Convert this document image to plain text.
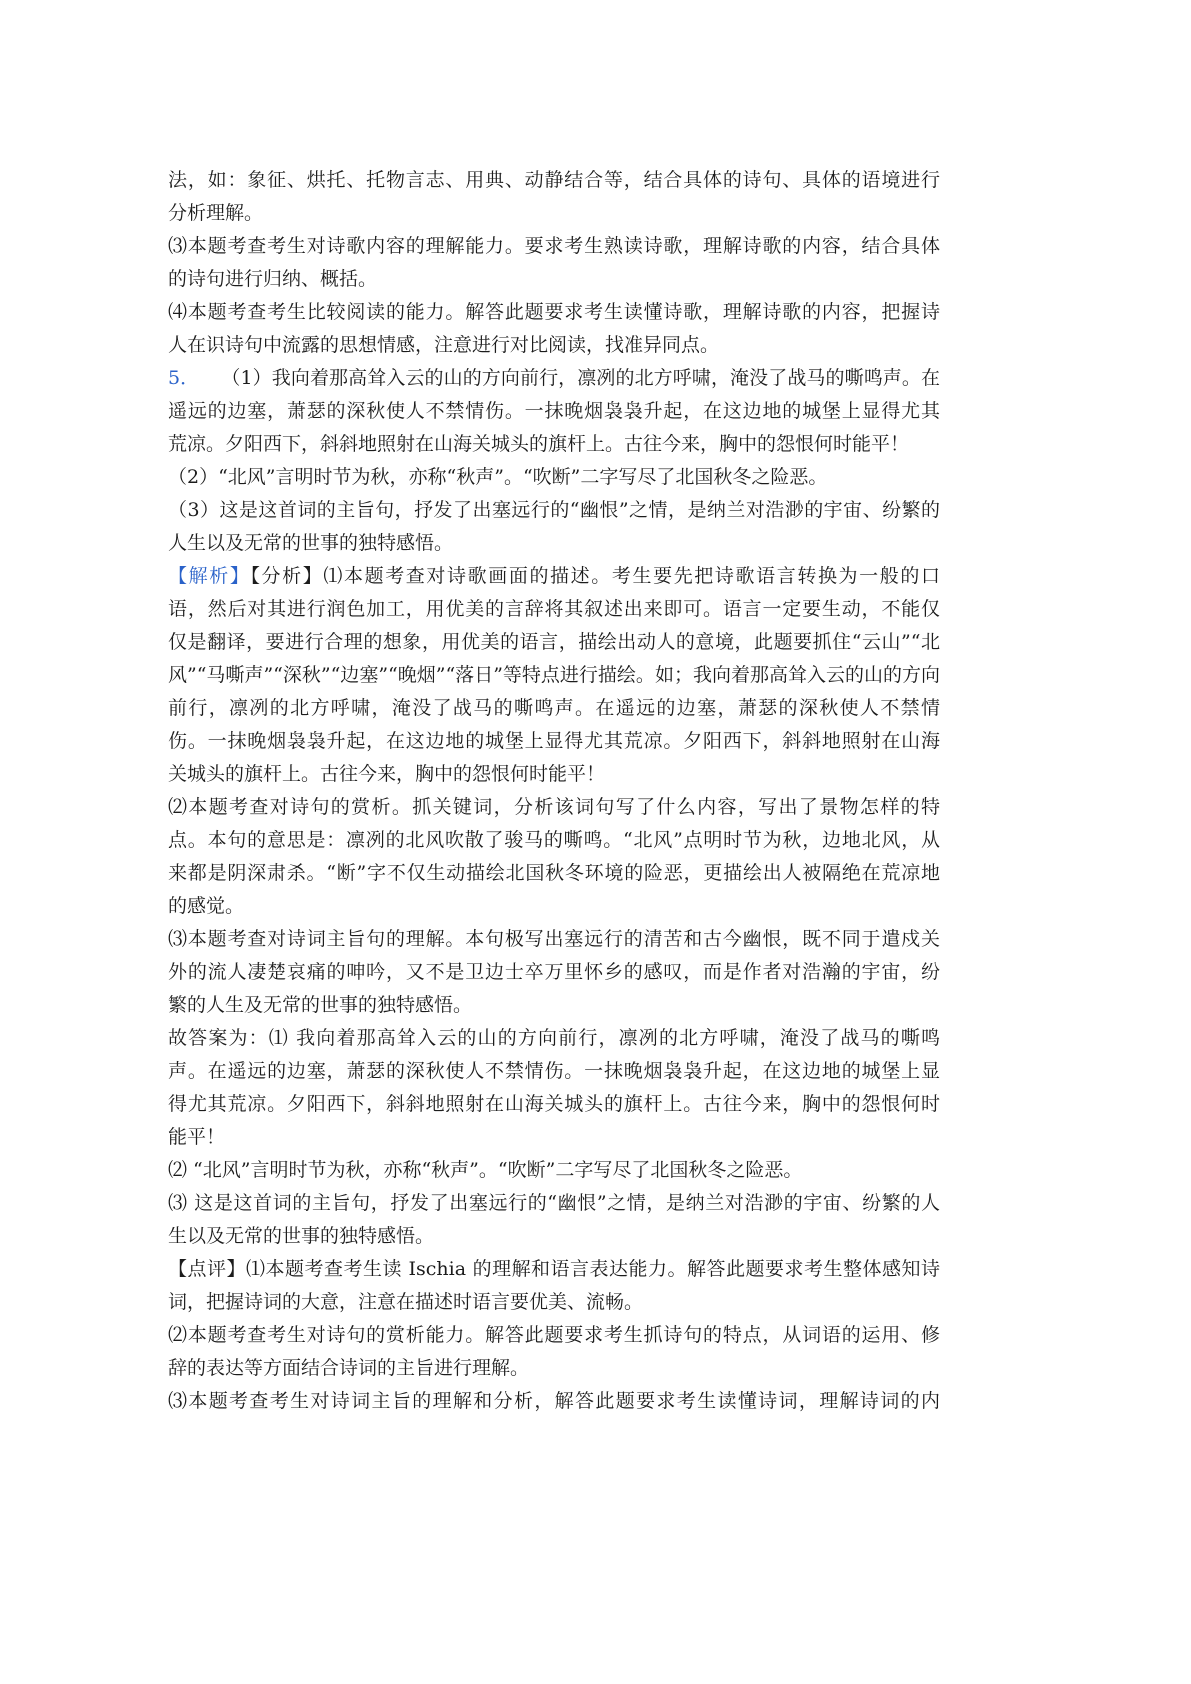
法，如：象征、烘托、托物言志、用典、动静结合等，结合具体的诗句、具体的语境进行
分析理解。
⑶本题考查考生对诗歌内容的理解能力。要求考生熟读诗歌，理解诗歌的内容，结合具体
的诗句进行归纳、概括。
⑷本题考查考生比较阅读的能力。解答此题要求考生读懂诗歌，理解诗歌的内容，把握诗
人在识诗句中流露的思想情感，注意进行对比阅读，找准异同点。
5． （1）我向着那高耸入云的山的方向前行，凛冽的北方呼啸，淹没了战马的嘶鸣声。在
遥远的边塞，萧瑟的深秋使人不禁情伤。一抹晚烟袅袅升起，在这边地的城堡上显得尤其
荒凉。夕阳西下，斜斜地照射在山海关城头的旗杆上。古往今来，胸中的怨恨何时能平！
（2）“北风”言明时节为秋，亦称“秋声”。“吹断”二字写尽了北国秋冬之险恶。
（3）这是这首词的主旨句，抒发了出塞远行的“幽恨”之情，是纳兰对浩渺的宇宙、纷繁的
人生以及无常的世事的独特感悟。
【解析】【分析】⑴本题考查对诗歌画面的描述。考生要先把诗歌语言转换为一般的口
语，然后对其进行润色加工，用优美的言辞将其叙述出来即可。语言一定要生动，不能仅
仅是翻译，要进行合理的想象，用优美的语言，描绘出动人的意境，此题要抓住“云山”“北
风”“马嘶声”“深秋”“边塞”“晚烟”“落日”等特点进行描绘。如；我向着那高耸入云的山的方向
前行，凛冽的北方呼啸，淹没了战马的嘶鸣声。在遥远的边塞，萧瑟的深秋使人不禁情
伤。一抹晚烟袅袅升起，在这边地的城堡上显得尤其荒凉。夕阳西下，斜斜地照射在山海
关城头的旗杆上。古往今来，胸中的怨恨何时能平！
⑵本题考查对诗句的赏析。抓关键词，分析该词句写了什么内容，写出了景物怎样的特
点。本句的意思是：凛冽的北风吹散了骏马的嘶鸣。“北风”点明时节为秋，边地北风，从
来都是阴深肃杀。“断”字不仅生动描绘北国秋冬环境的险恶，更描绘出人被隔绝在荒凉地
的感觉。
⑶本题考查对诗词主旨句的理解。本句极写出塞远行的清苦和古今幽恨，既不同于遣戍关
外的流人凄楚哀痛的呻吟，又不是卫边士卒万里怀乡的感叹，而是作者对浩瀚的宇宙，纷
繁的人生及无常的世事的独特感悟。
故答案为：⑴ 我向着那高耸入云的山的方向前行，凛冽的北方呼啸，淹没了战马的嘶鸣
声。在遥远的边塞，萧瑟的深秋使人不禁情伤。一抹晚烟袅袅升起，在这边地的城堡上显
得尤其荒凉。夕阳西下，斜斜地照射在山海关城头的旗杆上。古往今来，胸中的怨恨何时
能平！
⑵ “北风”言明时节为秋，亦称“秋声”。“吹断”二字写尽了北国秋冬之险恶。
⑶ 这是这首词的主旨句，抒发了出塞远行的“幽恨”之情，是纳兰对浩渺的宇宙、纷繁的人
生以及无常的世事的独特感悟。
【点评】⑴本题考查考生读 Ischia 的理解和语言表达能力。解答此题要求考生整体感知诗
词，把握诗词的大意，注意在描述时语言要优美、流畅。
⑵本题考查考生对诗句的赏析能力。解答此题要求考生抓诗句的特点，从词语的运用、修
辞的表达等方面结合诗词的主旨进行理解。
⑶本题考查考生对诗词主旨的理解和分析，解答此题要求考生读懂诗词，理解诗词的内
